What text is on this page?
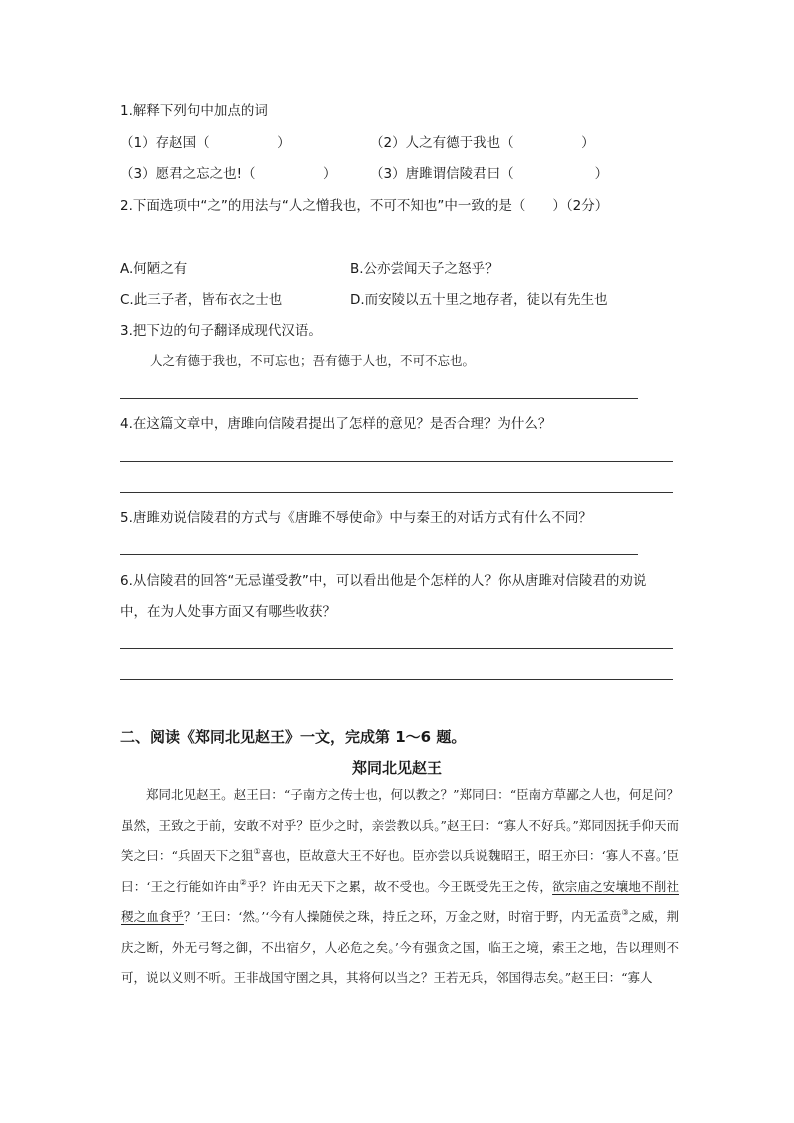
1.解释下列句中加点的词
（1）存赵国（　　　　　）	（2）人之有德于我也（　　　　　）
（3）愿君之忘之也!（　　　　　） （3）唐雎谓信陵君曰（　　　　　　）
2.下面选项中“之”的用法与“人之憎我也，不可不知也”中一致的是（　　）（2分）
A.何陋之有	B.公亦尝闻天子之怒乎？
C.此三子者，皆布衣之士也	D.而安陵以五十里之地存者，徒以有先生也
3.把下边的句子翻译成现代汉语。
人之有德于我也，不可忘也；吾有德于人也，不可不忘也。
4.在这篇文章中，唐雎向信陵君提出了怎样的意见？是否合理？为什么？
5.唐雎劝说信陵君的方式与《唐雎不辱使命》中与秦王的对话方式有什么不同？
6.从信陵君的回答“无忌谨受教”中，可以看出他是个怎样的人？你从唐雎对信陵君的劝说
中，在为人处事方面又有哪些收获？
二、阅读《郑同北见赵王》一文，完成第 1～6 题。
郑同北见赵王

郑同北见赵王。赵王曰：“子南方之传士也，何以教之？”郑同曰：“臣南方草鄙之人也，何足问？虽然，王致之于前，安敢不对乎？臣少之时，亲尝教以兵。”赵王曰：“寡人不好兵。”郑同因抚手仰天而笑之曰：“兵固天下之狙①喜也，臣故意大王不好也。臣亦尝以兵说魏昭王，昭王亦曰：‘寡人不喜。’臣曰：‘王之行能如许由②乎？许由无天下之累，故不受也。今王既受先王之传，欲宗庙之安壤地不削社稷之血食乎？’王曰：‘然。’‘今有人操随侯之珠，持丘之环，万金之财，时宿于野，内无孟贲③之威，荆庆之断，外无弓弩之御，不出宿夕，人必危之矣。’今有强贪之国，临王之境，索王之地，告以理则不可，说以义则不听。王非战国守圉之具，其将何以当之？王若无兵，邻国得志矣。”赵王曰：“寡人
